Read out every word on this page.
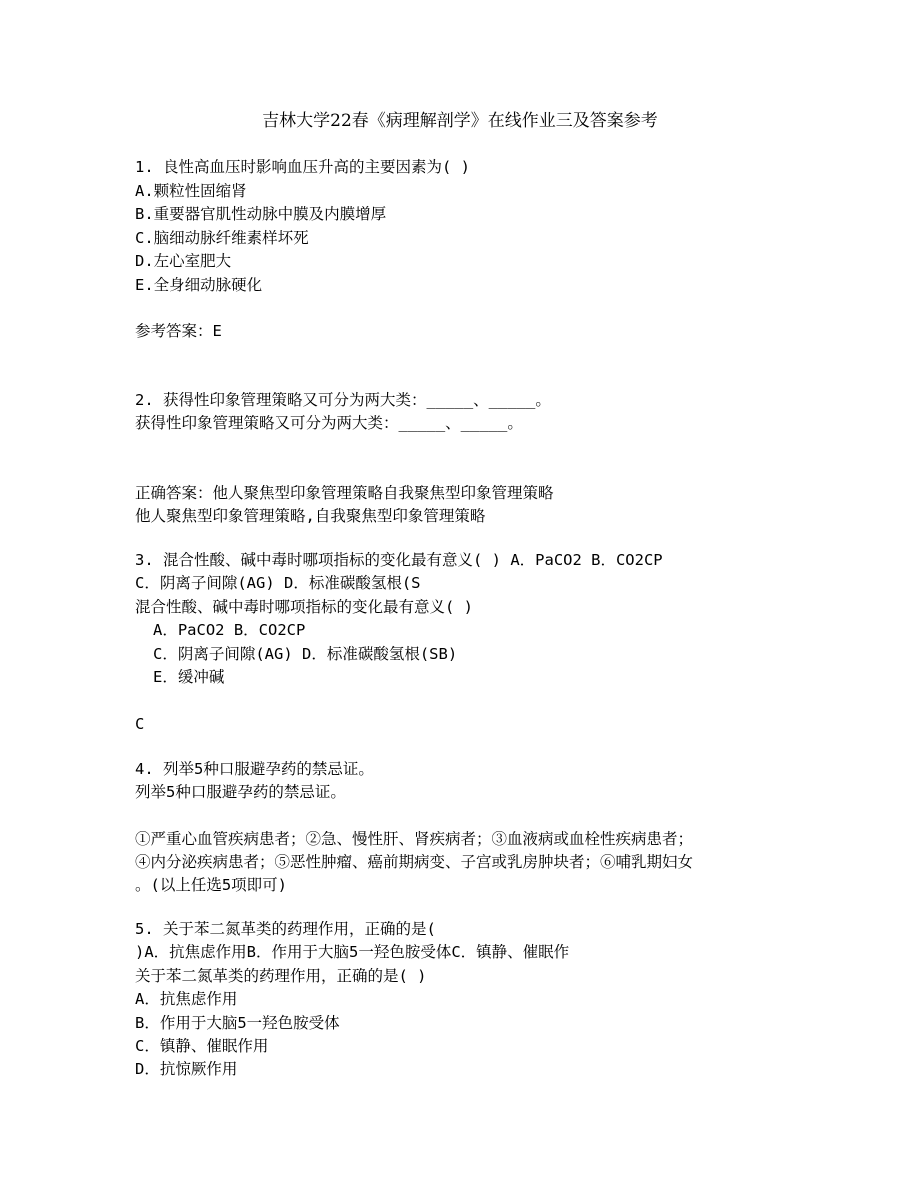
吉林大学22春《病理解剖学》在线作业三及答案参考
1. 良性高血压时影响血压升高的主要因素为( )
A.颗粒性固缩肾
B.重要器官肌性动脉中膜及内膜增厚
C.脑细动脉纤维素样坏死
D.左心室肥大
E.全身细动脉硬化
参考答案：E
2. 获得性印象管理策略又可分为两大类：_____、_____。
获得性印象管理策略又可分为两大类：_____、_____。
正确答案：他人聚焦型印象管理策略自我聚焦型印象管理策略
他人聚焦型印象管理策略,自我聚焦型印象管理策略
3. 混合性酸、碱中毒时哪项指标的变化最有意义( ) A．PaCO2 B．CO2CP
C．阴离子间隙(AG) D．标准碳酸氢根(S
混合性酸、碱中毒时哪项指标的变化最有意义( )
A．PaCO2 B．CO2CP
C．阴离子间隙(AG) D．标准碳酸氢根(SB)
E．缓冲碱
C
4. 列举5种口服避孕药的禁忌证。
列举5种口服避孕药的禁忌证。
①严重心血管疾病患者；②急、慢性肝、肾疾病者；③血液病或血栓性疾病患者；
④内分泌疾病患者；⑤恶性肿瘤、癌前期病变、子宫或乳房肿块者；⑥哺乳期妇女
。(以上任选5项即可)
5. 关于苯二氮革类的药理作用，正确的是(
)A．抗焦虑作用B．作用于大脑5一羟色胺受体C．镇静、催眠作
关于苯二氮革类的药理作用，正确的是( )
A．抗焦虑作用
B．作用于大脑5一羟色胺受体
C．镇静、催眠作用
D．抗惊厥作用
